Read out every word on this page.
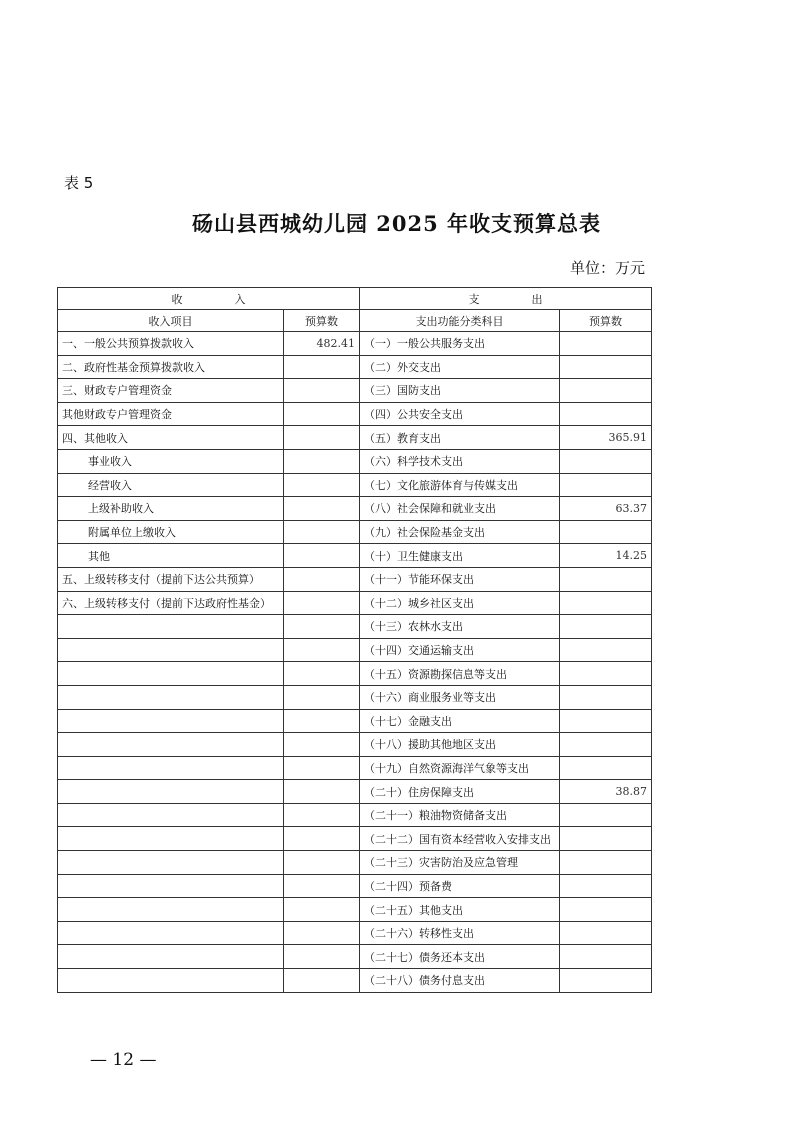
表 5
砀山县西城幼儿园 2025 年收支预算总表
单位：万元
收 入		支 出	
收入项目	预算数	支出功能分类科目	预算数
一、一般公共预算拨款收入	482.41	（一）一般公共服务支出	
二、政府性基金预算拨款收入		（二）外交支出	
三、财政专户管理资金		（三）国防支出	
其他财政专户管理资金		（四）公共安全支出	
四、其他收入		（五）教育支出	365.91
事业收入		（六）科学技术支出	
经营收入		（七）文化旅游体育与传媒支出	
上级补助收入		（八）社会保障和就业支出	63.37
附属单位上缴收入		（九）社会保险基金支出	
其他		（十）卫生健康支出	14.25
五、上级转移支付（提前下达公共预算）		（十一）节能环保支出	
六、上级转移支付（提前下达政府性基金）		（十二）城乡社区支出	
		（十三）农林水支出	
		（十四）交通运输支出	
		（十五）资源勘探信息等支出	
		（十六）商业服务业等支出	
		（十七）金融支出	
		（十八）援助其他地区支出	
		（十九）自然资源海洋气象等支出	
		（二十）住房保障支出	38.87
		（二十一）粮油物资储备支出	
		（二十二）国有资本经营收入安排支出	
		（二十三）灾害防治及应急管理	
		（二十四）预备费	
		（二十五）其他支出	
		（二十六）转移性支出	
		（二十七）债务还本支出	
		（二十八）债务付息支出	
— 12 —
